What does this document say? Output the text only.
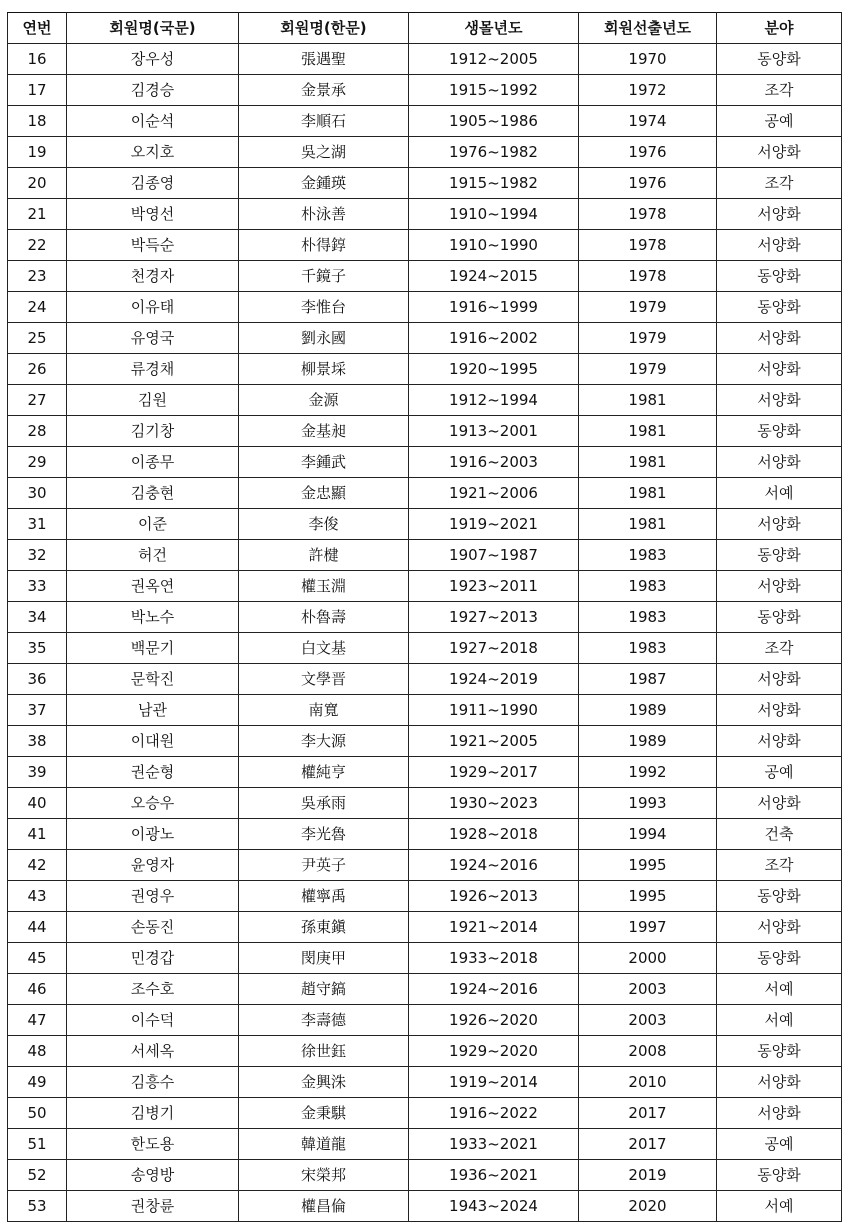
연번	회원명(국문)	회원명(한문)	생몰년도	회원선출년도	분야
16	장우성	張遇聖	1912~2005	1970	동양화
17	김경승	金景承	1915~1992	1972	조각
18	이순석	李順石	1905~1986	1974	공예
19	오지호	吳之湖	1976~1982	1976	서양화
20	김종영	金鍾瑛	1915~1982	1976	조각
21	박영선	朴泳善	1910~1994	1978	서양화
22	박득순	朴得錞	1910~1990	1978	서양화
23	천경자	千鏡子	1924~2015	1978	동양화
24	이유태	李惟台	1916~1999	1979	동양화
25	유영국	劉永國	1916~2002	1979	서양화
26	류경채	柳景埰	1920~1995	1979	서양화
27	김원	金源	1912~1994	1981	서양화
28	김기창	金基昶	1913~2001	1981	동양화
29	이종무	李鍾武	1916~2003	1981	서양화
30	김충현	金忠顯	1921~2006	1981	서예
31	이준	李俊	1919~2021	1981	서양화
32	허건	許楗	1907~1987	1983	동양화
33	권옥연	權玉淵	1923~2011	1983	서양화
34	박노수	朴魯壽	1927~2013	1983	동양화
35	백문기	白文基	1927~2018	1983	조각
36	문학진	文學晋	1924~2019	1987	서양화
37	남관	南寬	1911~1990	1989	서양화
38	이대원	李大源	1921~2005	1989	서양화
39	권순형	權純亨	1929~2017	1992	공예
40	오승우	吳承雨	1930~2023	1993	서양화
41	이광노	李光魯	1928~2018	1994	건축
42	윤영자	尹英子	1924~2016	1995	조각
43	권영우	權寧禹	1926~2013	1995	동양화
44	손동진	孫東鎭	1921~2014	1997	서양화
45	민경갑	閔庚甲	1933~2018	2000	동양화
46	조수호	趙守鎬	1924~2016	2003	서예
47	이수덕	李壽德	1926~2020	2003	서예
48	서세옥	徐世鈺	1929~2020	2008	동양화
49	김흥수	金興洙	1919~2014	2010	서양화
50	김병기	金秉騏	1916~2022	2017	서양화
51	한도용	韓道龍	1933~2021	2017	공예
52	송영방	宋榮邦	1936~2021	2019	동양화
53	권창륜	權昌倫	1943~2024	2020	서예
